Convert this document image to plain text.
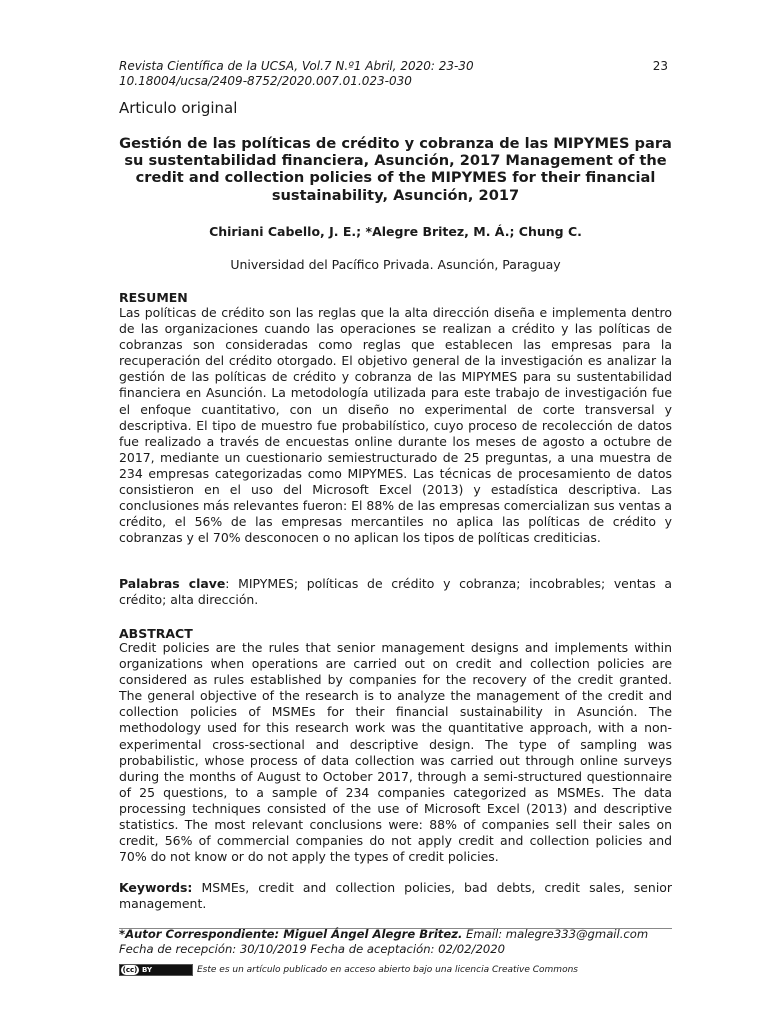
Revista Científica de la UCSA, Vol.7 N.º1 Abril, 2020: 23-30	23
10.18004/ucsa/2409-8752/2020.007.01.023-030
Articulo original
Gestión de las políticas de crédito y cobranza de las MIPYMES para su sustentabilidad financiera, Asunción, 2017 Management of the credit and collection policies of the MIPYMES for their financial sustainability, Asunción, 2017
Chiriani Cabello, J. E.; *Alegre Britez, M. Á.; Chung C.
Universidad del Pacífico Privada. Asunción, Paraguay
RESUMEN
Las políticas de crédito son las reglas que la alta dirección diseña e implementa dentro de las organizaciones cuando las operaciones se realizan a crédito y las políticas de cobranzas son consideradas como reglas que establecen las empresas para la recuperación del crédito otorgado. El objetivo general de la investigación es analizar la gestión de las políticas de crédito y cobranza de las MIPYMES para su sustentabilidad financiera en Asunción. La metodología utilizada para este trabajo de investigación fue el enfoque cuantitativo, con un diseño no experimental de corte transversal y descriptiva. El tipo de muestro fue probabilístico, cuyo proceso de recolección de datos fue realizado a través de encuestas online durante los meses de agosto a octubre de 2017, mediante un cuestionario semiestructurado de 25 preguntas, a una muestra de 234 empresas categorizadas como MIPYMES. Las técnicas de procesamiento de datos consistieron en el uso del Microsoft Excel (2013) y estadística descriptiva. Las conclusiones más relevantes fueron: El 88% de las empresas comercializan sus ventas a crédito, el 56% de las empresas mercantiles no aplica las políticas de crédito y cobranzas y el 70% desconocen o no aplican los tipos de políticas crediticias.
Palabras clave: MIPYMES; políticas de crédito y cobranza; incobrables; ventas a crédito; alta dirección.
ABSTRACT
Credit policies are the rules that senior management designs and implements within organizations when operations are carried out on credit and collection policies are considered as rules established by companies for the recovery of the credit granted. The general objective of the research is to analyze the management of the credit and collection policies of MSMEs for their financial sustainability in Asunción. The methodology used for this research work was the quantitative approach, with a non-experimental cross-sectional and descriptive design. The type of sampling was probabilistic, whose process of data collection was carried out through online surveys during the months of August to October 2017, through a semi-structured questionnaire of 25 questions, to a sample of 234 companies categorized as MSMEs. The data processing techniques consisted of the use of Microsoft Excel (2013) and descriptive statistics. The most relevant conclusions were: 88% of companies sell their sales on credit, 56% of commercial companies do not apply credit and collection policies and 70% do not know or do not apply the types of credit policies.
Keywords: MSMEs, credit and collection policies, bad debts, credit sales, senior management.
*Autor Correspondiente: Miguel Ángel Alegre Britez. Email: malegre333@gmail.com
Fecha de recepción: 30/10/2019 Fecha de aceptación: 02/02/2020
(cc) BY	Este es un artículo publicado en acceso abierto bajo una licencia Creative Commons
